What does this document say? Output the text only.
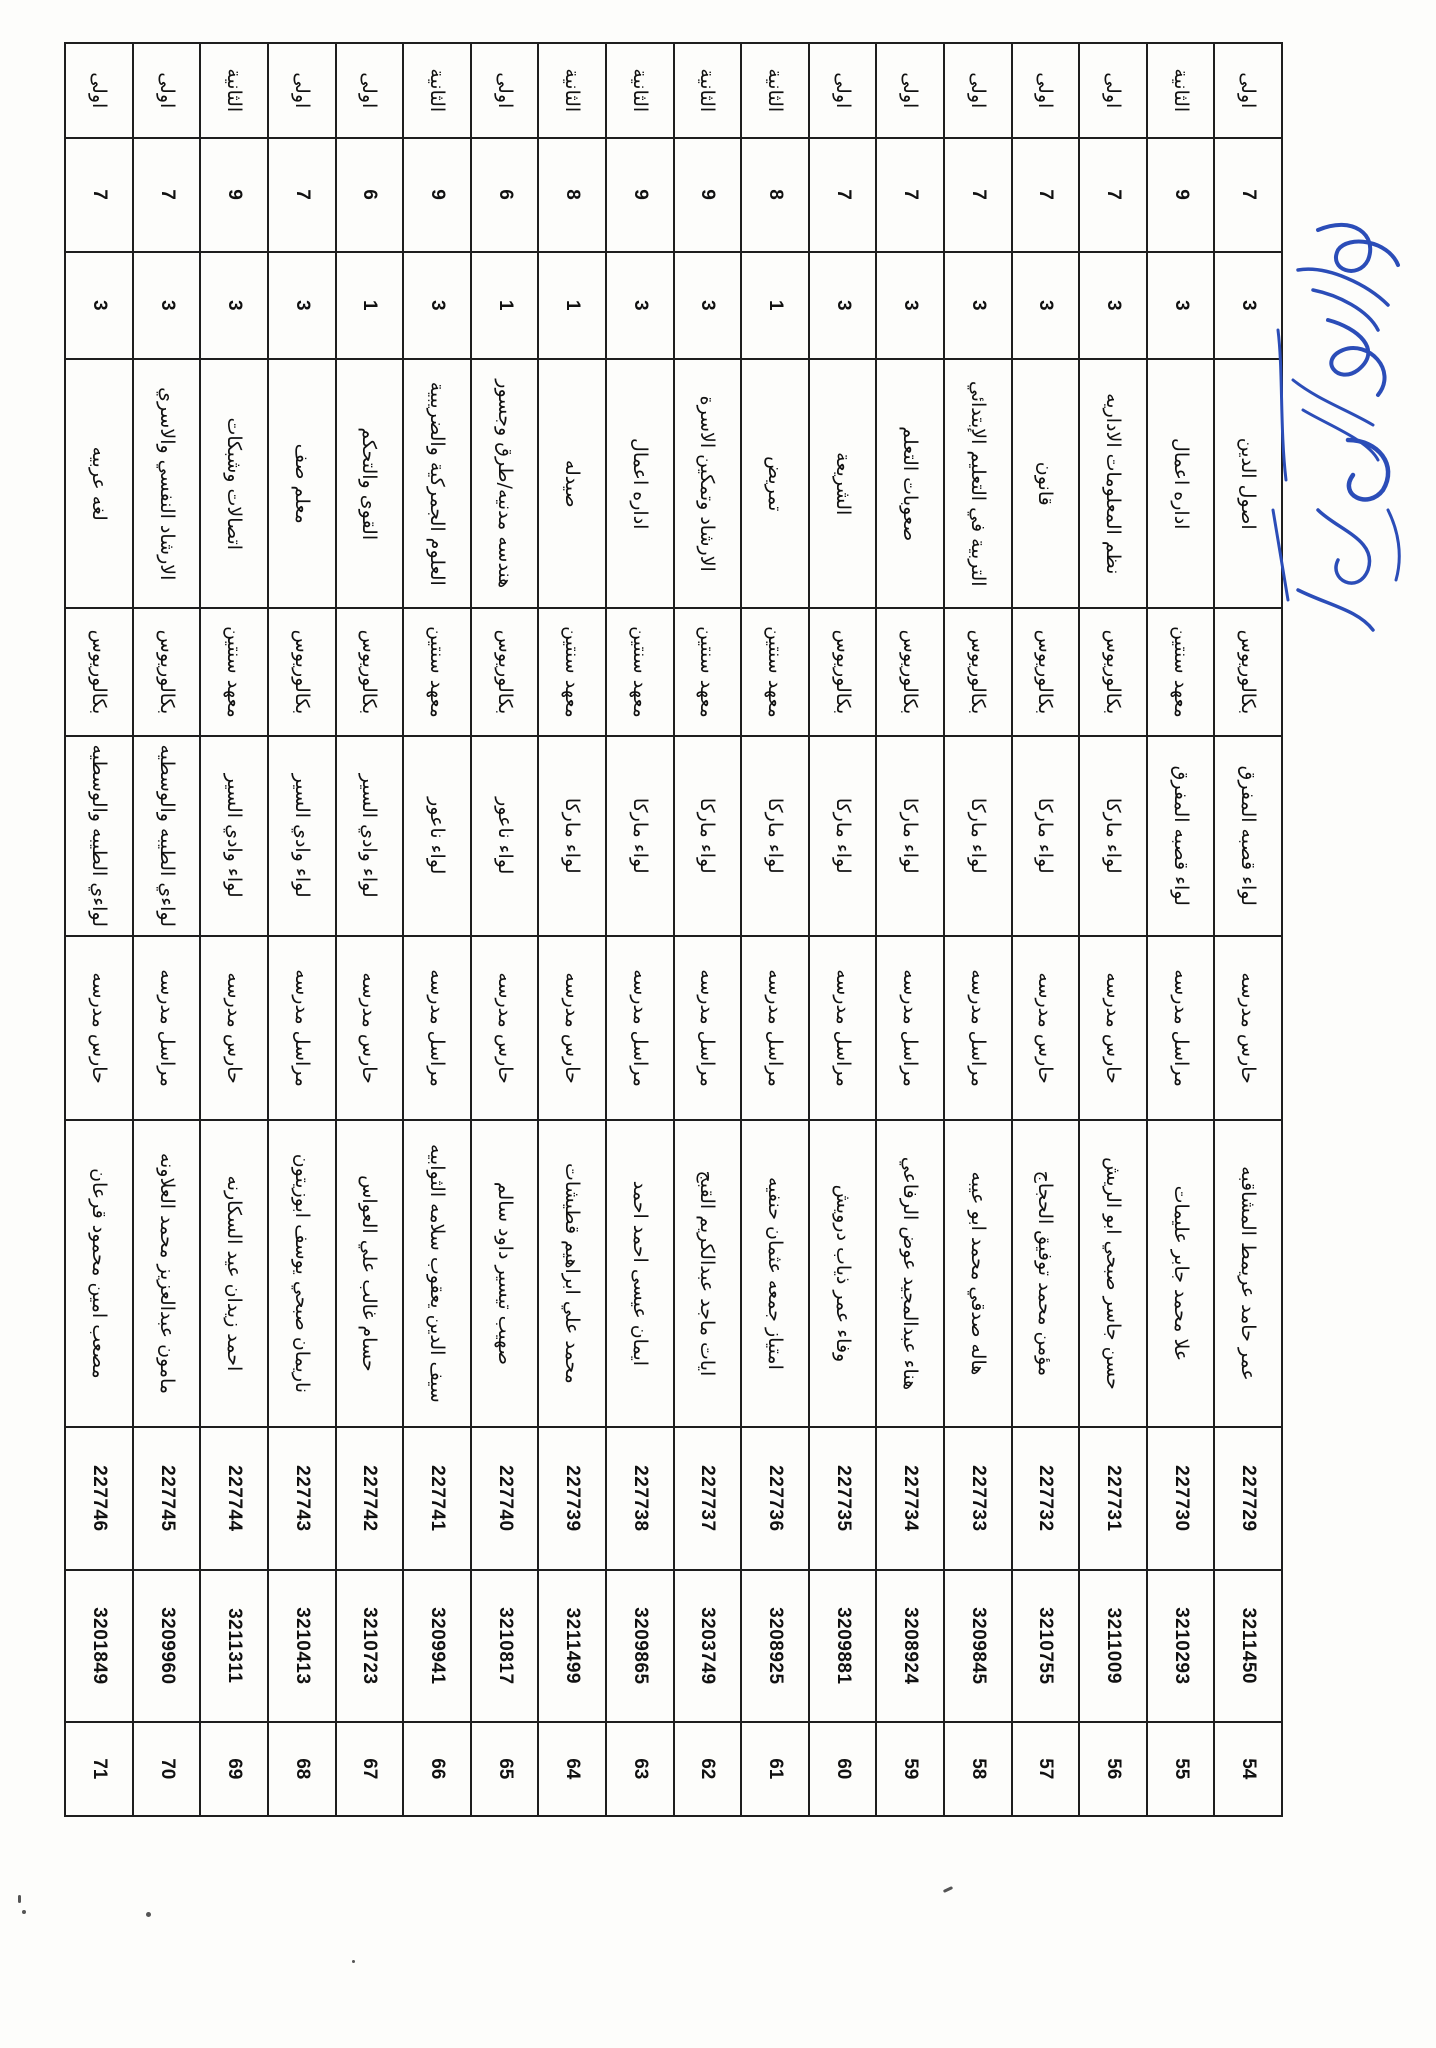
54	3211450	227729	عمر حامد عريمط المشاقبه	حارس مدرسه	لواء قصبه المفرق	بكالوريوس	اصول الدين	3	7	اولى
55	3210293	227730	علا محمد جابر عليمات	مراسل مدرسه	لواء قصبه المفرق	معهد سنتين	اداره اعمال	3	9	الثانية
56	3211009	227731	حسن جاسر صبحي ابو الريش	حارس مدرسه	لواء ماركا	بكالوريوس	نظم المعلومات الاداريه	3	7	اولى
57	3210755	227732	مؤمن محمد توفيق الحجاج	حارس مدرسه	لواء ماركا	بكالوريوس	قانون	3	7	اولى
58	3209845	227733	هاله صدقي محمد ابو عيبه	مراسل مدرسه	لواء ماركا	بكالوريوس	التربية في التعليم الإبتدائي	3	7	اولى
59	3208924	227734	هناء عبدالمجيد عوض الرفاعي	مراسل مدرسه	لواء ماركا	بكالوريوس	صعوبات التعلم	3	7	اولى
60	3209881	227735	وفاء عمر ذياب درويش	مراسل مدرسه	لواء ماركا	بكالوريوس	الشريعة	3	7	اولى
61	3208925	227736	امتياز جمعه عثمان حنفيه	مراسل مدرسه	لواء ماركا	معهد سنتين	تمريض	1	8	الثانية
62	3203749	227737	ايات ماجد عبدالكريم القبج	مراسل مدرسه	لواء ماركا	معهد سنتين	الارشاد وتمكين الاسرة	3	9	الثانية
63	3209865	227738	ايمان عيسى احمد احمد	مراسل مدرسه	لواء ماركا	معهد سنتين	اداره اعمال	3	9	الثانية
64	3211499	227739	محمد علي ابراهيم قطيشات	حارس مدرسه	لواء ماركا	معهد سنتين	صيدله	1	8	الثانية
65	3210817	227740	صهيب تيسير داود سالم	حارس مدرسه	لواء ناعور	بكالوريوس	هندسه مدنيه/طرق وجسور	1	6	اولى
66	3209941	227741	سيف الدين يعقوب سلامه الثوابيه	مراسل مدرسه	لواء ناعور	معهد سنتين	العلوم الجمركية والضريبية	3	9	الثانية
67	3210723	227742	حسام غالب علي العواس	حارس مدرسه	لواء وادي السير	بكالوريوس	القوى والتحكم	1	6	اولى
68	3210413	227743	ناريمان صبحي يوسف ابوزيتون	مراسل مدرسه	لواء وادي السير	بكالوريوس	معلم صف	3	7	اولى
69	3211311	227744	احمد زيدان عيد السكارنه	حارس مدرسه	لواء وادي السير	معهد سنتين	اتصالات وشبكات	3	9	الثانية
70	3209960	227745	مامون عبدالعزيز محمد العلاونه	مراسل مدرسه	لواءي الطيبه والوسطيه	بكالوريوس	الارشاد النفسي والاسري	3	7	اولى
71	3201849	227746	مصعب امين محمود قرعان	حارس مدرسه	لواءي الطيبه والوسطيه	بكالوريوس	لغه عربيه	3	7	اولى
